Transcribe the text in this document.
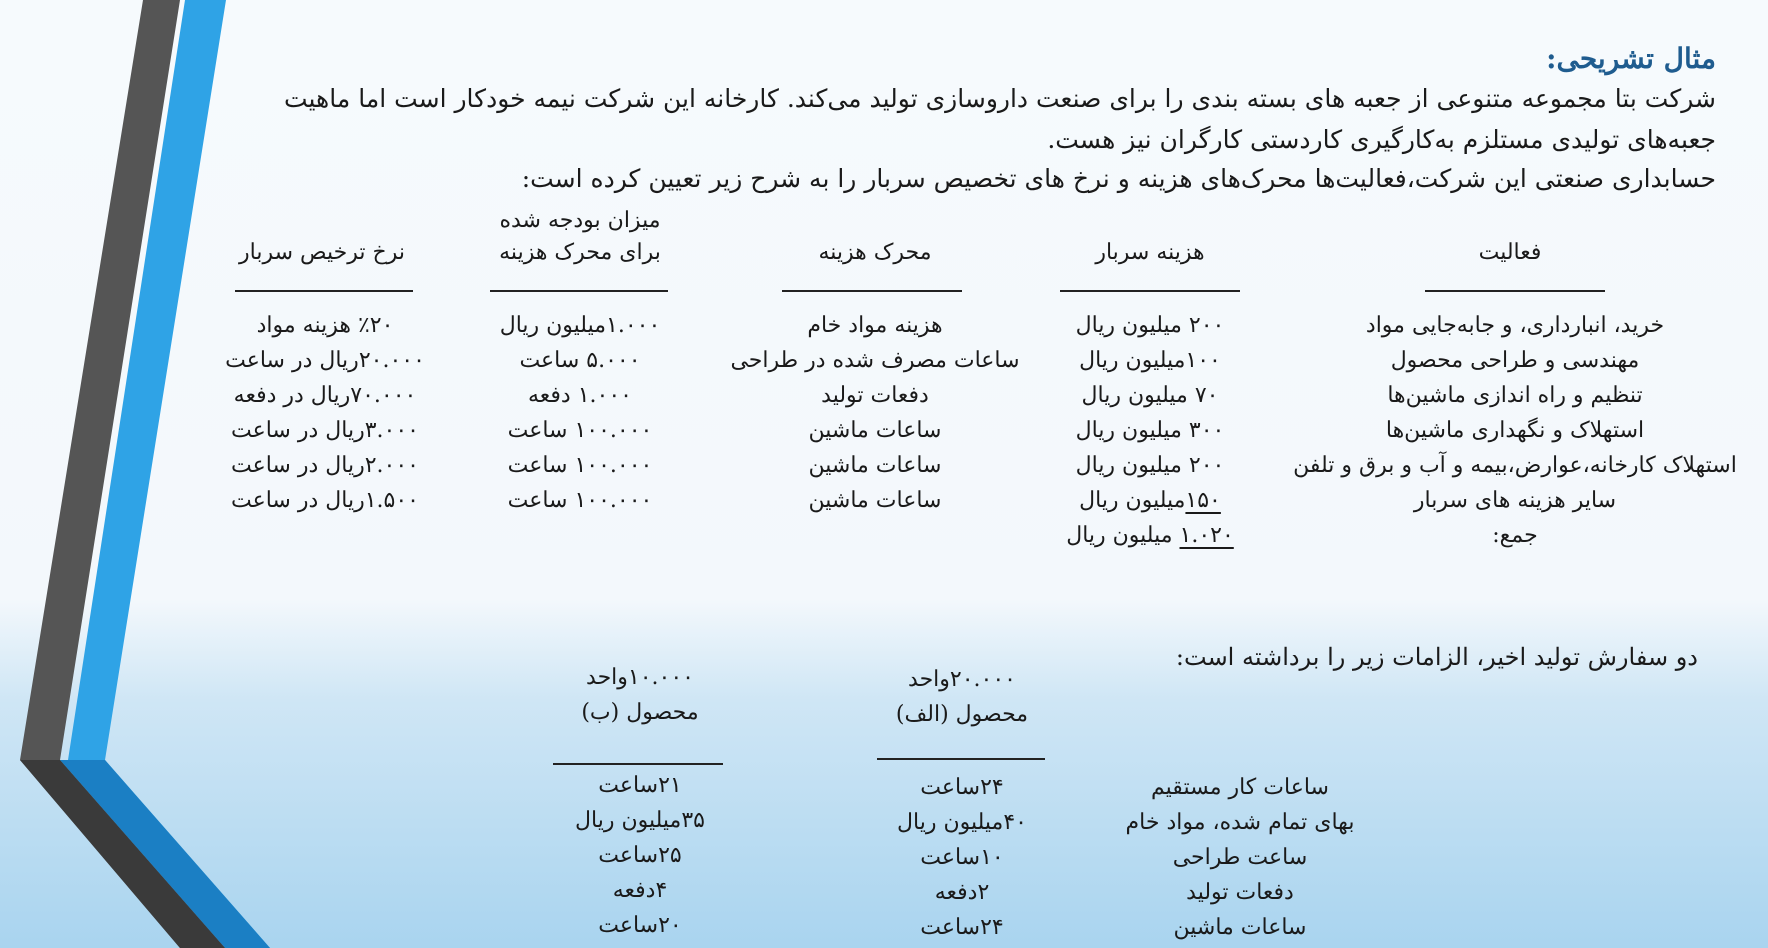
مثال تشریحی:
شرکت بتا مجموعه متنوعی از جعبه های بسته بندی را برای صنعت داروسازی تولید می‌کند. کارخانه این شرکت نیمه خودکار است اما ماهیت
جعبه‌های تولیدی مستلزم به‌کارگیری کاردستی کارگران نیز هست.
حسابداری صنعتی این شرکت،فعالیت‌ها محرک‌های هزینه و نرخ های تخصیص سربار را به شرح زیر تعیین کرده است:
فعالیت
هزینه سربار
محرک هزینه
میزان بودجه شده
برای محرک هزینه
نرخ ترخیص سربار
خرید، انبارداری، و جابه‌جایی مواد
مهندسی و طراحی محصول
تنظیم و راه اندازی ماشین‌ها
استهلاک و نگهداری ماشین‌ها
استهلاک کارخانه،عوارض،بیمه و آب و برق و تلفن
سایر هزینه های سربار
جمع:
۲۰۰ میلیون ریال
۱۰۰میلیون ریال
۷۰ میلیون ریال
۳۰۰ میلیون ریال
۲۰۰ میلیون ریال
۱۵۰میلیون ریال
۱.۰۲۰ میلیون ریال
هزینه مواد خام
ساعات مصرف شده در طراحی
دفعات تولید
ساعات ماشین
ساعات ماشین
ساعات ماشین
۱.۰۰۰میلیون ریال
۵.۰۰۰ ساعت
۱.۰۰۰ دفعه
۱۰۰.۰۰۰ ساعت
۱۰۰.۰۰۰ ساعت
۱۰۰.۰۰۰ ساعت
٪۲۰ هزینه مواد
۲۰.۰۰۰ریال در ساعت
۷۰.۰۰۰ریال در دفعه
۳.۰۰۰ریال در ساعت
۲.۰۰۰ریال در ساعت
۱.۵۰۰ریال در ساعت
دو سفارش تولید اخیر، الزامات زیر را برداشته است:
۲۰.۰۰۰واحد
محصول (الف)
۱۰.۰۰۰واحد
محصول (ب)
ساعات کار مستقیم
بهای تمام شده، مواد خام
ساعت طراحی
دفعات تولید
ساعات ماشین
۲۴ساعت
۴۰میلیون ریال
۱۰ساعت
۲دفعه
۲۴ساعت
۲۱ساعت
۳۵میلیون ریال
۲۵ساعت
۴دفعه
۲۰ساعت
